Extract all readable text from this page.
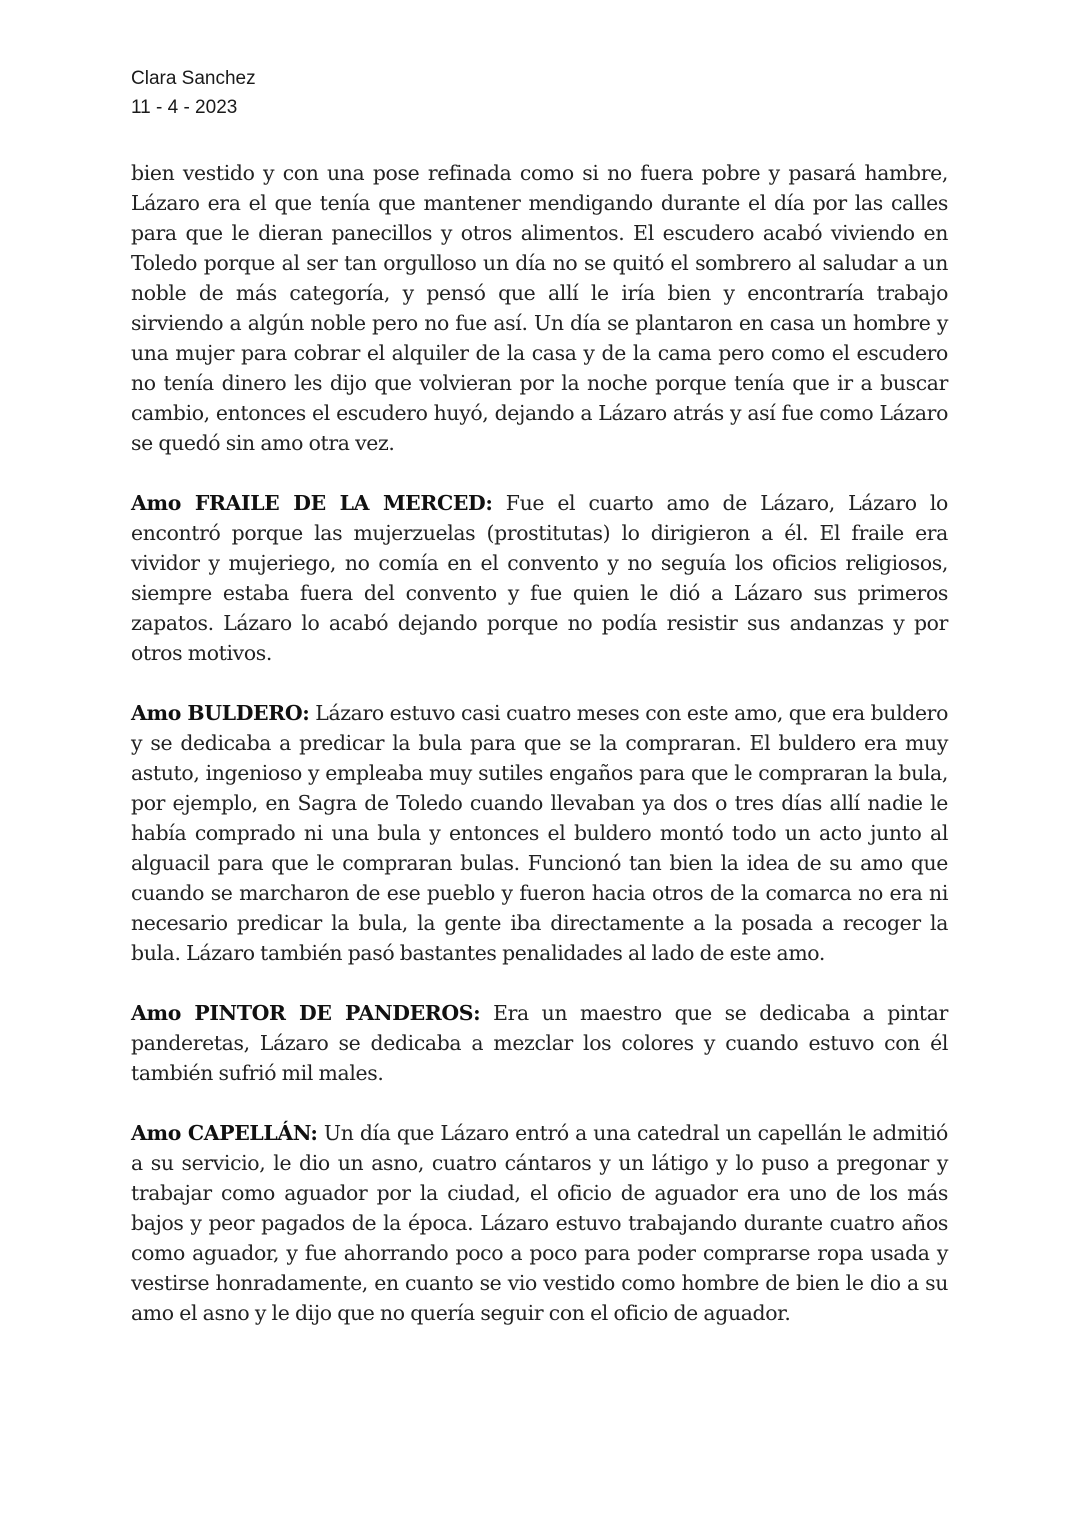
Clara Sanchez
11 - 4 - 2023

bien vestido y con una pose refinada como si no fuera pobre y pasará hambre, Lázaro era el que tenía que mantener mendigando durante el día por las calles para que le dieran panecillos y otros alimentos. El escudero acabó viviendo en Toledo porque al ser tan orgulloso un día no se quitó el sombrero al saludar a un noble de más categoría, y pensó que allí le iría bien y encontraría trabajo sirviendo a algún noble pero no fue así. Un día se plantaron en casa un hombre y una mujer para cobrar el alquiler de la casa y de la cama pero como el escudero no tenía dinero les dijo que volvieran por la noche porque tenía que ir a buscar cambio, entonces el escudero huyó, dejando a Lázaro atrás y así fue como Lázaro se quedó sin amo otra vez.

Amo FRAILE DE LA MERCED: Fue el cuarto amo de Lázaro, Lázaro lo encontró porque las mujerzuelas (prostitutas) lo dirigieron a él. El fraile era vividor y mujeriego, no comía en el convento y no seguía los oficios religiosos, siempre estaba fuera del convento y fue quien le dió a Lázaro sus primeros zapatos. Lázaro lo acabó dejando porque no podía resistir sus andanzas y por otros motivos.

Amo BULDERO: Lázaro estuvo casi cuatro meses con este amo, que era buldero y se dedicaba a predicar la bula para que se la compraran. El buldero era muy astuto, ingenioso y empleaba muy sutiles engaños para que le compraran la bula, por ejemplo, en Sagra de Toledo cuando llevaban ya dos o tres días allí nadie le había comprado ni una bula y entonces el buldero montó todo un acto junto al alguacil para que le compraran bulas. Funcionó tan bien la idea de su amo que cuando se marcharon de ese pueblo y fueron hacia otros de la comarca no era ni necesario predicar la bula, la gente iba directamente a la posada a recoger la bula. Lázaro también pasó bastantes penalidades al lado de este amo.

Amo PINTOR DE PANDEROS: Era un maestro que se dedicaba a pintar panderetas, Lázaro se dedicaba a mezclar los colores y cuando estuvo con él también sufrió mil males.

Amo CAPELLÁN: Un día que Lázaro entró a una catedral un capellán le admitió a su servicio, le dio un asno, cuatro cántaros y un látigo y lo puso a pregonar y trabajar como aguador por la ciudad, el oficio de aguador era uno de los más bajos y peor pagados de la época. Lázaro estuvo trabajando durante cuatro años como aguador, y fue ahorrando poco a poco para poder comprarse ropa usada y vestirse honradamente, en cuanto se vio vestido como hombre de bien le dio a su amo el asno y le dijo que no quería seguir con el oficio de aguador.
